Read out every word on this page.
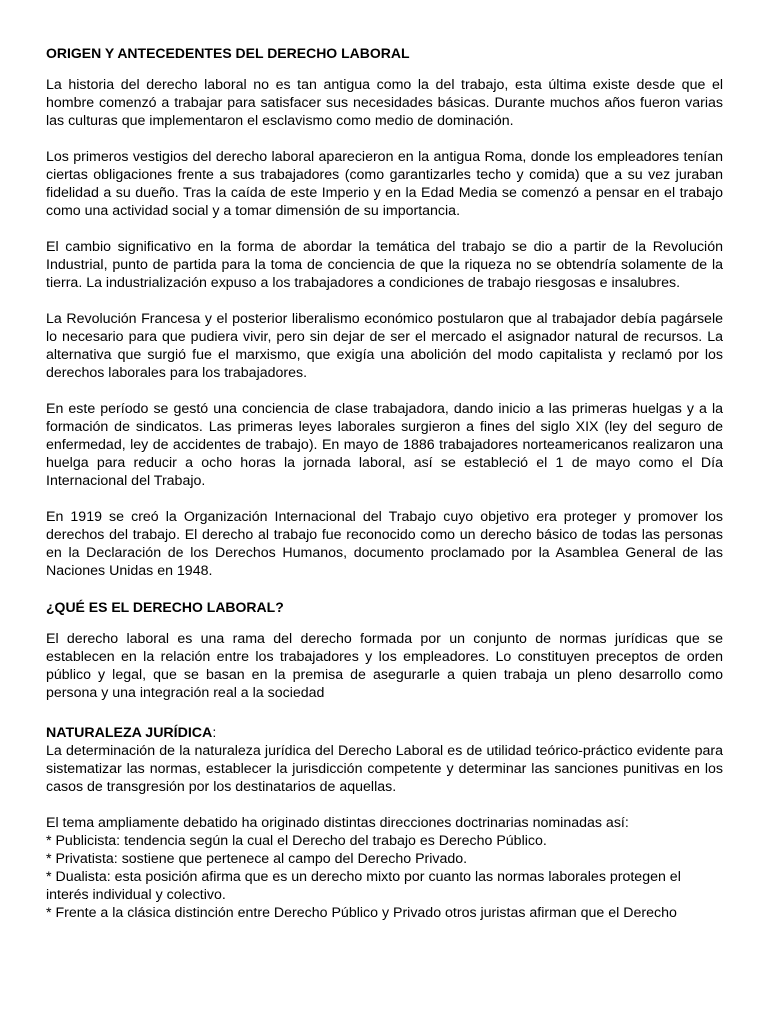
ORIGEN Y ANTECEDENTES DEL DERECHO LABORAL

La historia del derecho laboral no es tan antigua como la del trabajo, esta última existe desde que el hombre comenzó a trabajar para satisfacer sus necesidades básicas. Durante muchos años fueron varias las culturas que implementaron el esclavismo como medio de dominación.

Los primeros vestigios del derecho laboral aparecieron en la antigua Roma, donde los empleadores tenían ciertas obligaciones frente a sus trabajadores (como garantizarles techo y comida) que a su vez juraban fidelidad a su dueño. Tras la caída de este Imperio y en la Edad Media se comenzó a pensar en el trabajo como una actividad social y a tomar dimensión de su importancia.

El cambio significativo en la forma de abordar la temática del trabajo se dio a partir de la Revolución Industrial, punto de partida para la toma de conciencia de que la riqueza no se obtendría solamente de la tierra. La industrialización expuso a los trabajadores a condiciones de trabajo riesgosas e insalubres.

La Revolución Francesa y el posterior liberalismo económico postularon que al trabajador debía pagársele lo necesario para que pudiera vivir, pero sin dejar de ser el mercado el asignador natural de recursos. La alternativa que surgió fue el marxismo, que exigía una abolición del modo capitalista y reclamó por los derechos laborales para los trabajadores.

En este período se gestó una conciencia de clase trabajadora, dando inicio a las primeras huelgas y a la formación de sindicatos. Las primeras leyes laborales surgieron a fines del siglo XIX (ley del seguro de enfermedad, ley de accidentes de trabajo). En mayo de 1886 trabajadores norteamericanos realizaron una huelga para reducir a ocho horas la jornada laboral, así se estableció el 1 de mayo como el Día Internacional del Trabajo.

En 1919 se creó la Organización Internacional del Trabajo cuyo objetivo era proteger y promover los derechos del trabajo. El derecho al trabajo fue reconocido como un derecho básico de todas las personas en la Declaración de los Derechos Humanos, documento proclamado por la Asamblea General de las Naciones Unidas en 1948.

¿QUÉ ES EL DERECHO LABORAL?

El derecho laboral es una rama del derecho formada por un conjunto de normas jurídicas que se establecen en la relación entre los trabajadores y los empleadores. Lo constituyen preceptos de orden público y legal, que se basan en la premisa de asegurarle a quien trabaja un pleno desarrollo como persona y una integración real a la sociedad

NATURALEZA JURÍDICA:

La determinación de la naturaleza jurídica del Derecho Laboral es de utilidad teórico-práctico evidente para sistematizar las normas, establecer la jurisdicción competente y determinar las sanciones punitivas en los casos de transgresión por los destinatarios de aquellas.

El tema ampliamente debatido ha originado distintas direcciones doctrinarias nominadas así:

* Publicista: tendencia según la cual el Derecho del trabajo es Derecho Público.
* Privatista: sostiene que pertenece al campo del Derecho Privado.
* Dualista: esta posición afirma que es un derecho mixto por cuanto las normas laborales protegen el interés individual y colectivo.
* Frente a la clásica distinción entre Derecho Público y Privado otros juristas afirman que el Derecho
